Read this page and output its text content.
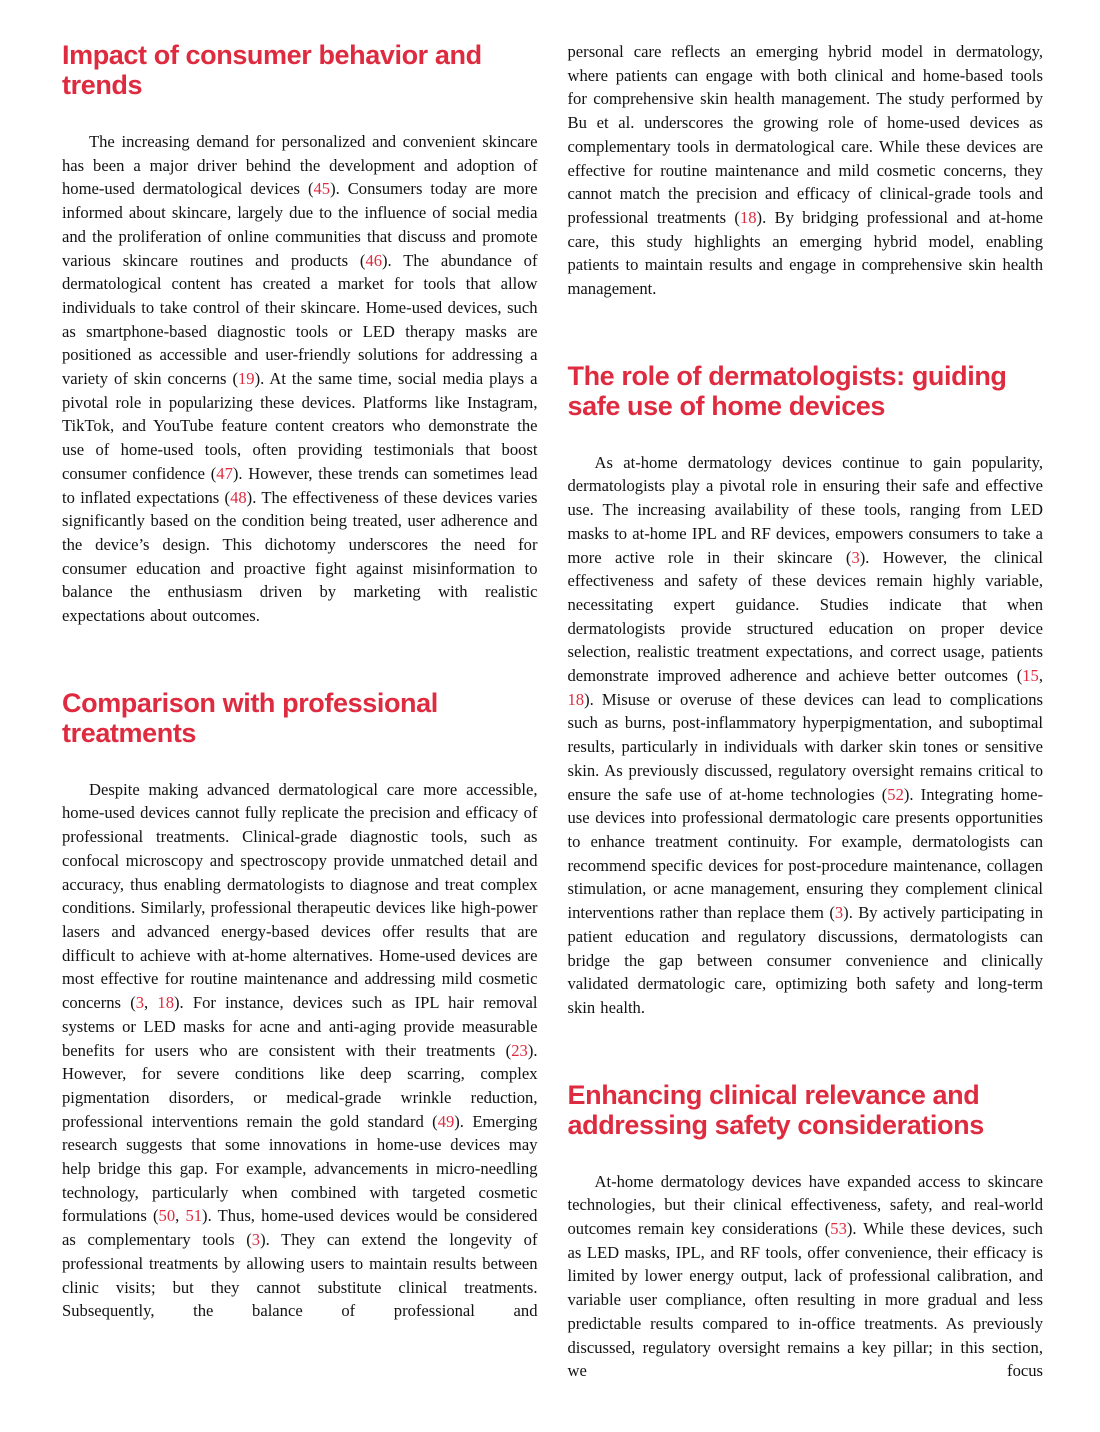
Impact of consumer behavior and trends

The increasing demand for personalized and convenient skincare has been a major driver behind the development and adoption of home-used dermatological devices (45). Consumers today are more informed about skincare, largely due to the influence of social media and the proliferation of online communities that discuss and promote various skincare routines and products (46). The abundance of dermatological content has created a market for tools that allow individuals to take control of their skincare. Home-used devices, such as smartphone-based diagnostic tools or LED therapy masks are positioned as accessible and user-friendly solutions for addressing a variety of skin concerns (19). At the same time, social media plays a pivotal role in popularizing these devices. Platforms like Instagram, TikTok, and YouTube feature content creators who demonstrate the use of home-used tools, often providing testimonials that boost consumer confidence (47). However, these trends can sometimes lead to inflated expectations (48). The effectiveness of these devices varies significantly based on the condition being treated, user adherence and the device’s design. This dichotomy underscores the need for consumer education and proactive fight against misinformation to balance the enthusiasm driven by marketing with realistic expectations about outcomes.

Comparison with professional treatments

Despite making advanced dermatological care more accessible, home-used devices cannot fully replicate the precision and efficacy of professional treatments. Clinical-grade diagnostic tools, such as confocal microscopy and spectroscopy provide unmatched detail and accuracy, thus enabling dermatologists to diagnose and treat complex conditions. Similarly, professional therapeutic devices like high-power lasers and advanced energy-based devices offer results that are difficult to achieve with at-home alternatives. Home-used devices are most effective for routine maintenance and addressing mild cosmetic concerns (3, 18). For instance, devices such as IPL hair removal systems or LED masks for acne and anti-aging provide measurable benefits for users who are consistent with their treatments (23). However, for severe conditions like deep scarring, complex pigmentation disorders, or medical-grade wrinkle reduction, professional interventions remain the gold standard (49). Emerging research suggests that some innovations in home-use devices may help bridge this gap. For example, advancements in micro-needling technology, particularly when combined with targeted cosmetic formulations (50, 51). Thus, home-used devices would be considered as complementary tools (3). They can extend the longevity of professional treatments by allowing users to maintain results between clinic visits; but they cannot substitute clinical treatments. Subsequently, the balance of professional and

personal care reflects an emerging hybrid model in dermatology, where patients can engage with both clinical and home-based tools for comprehensive skin health management. The study performed by Bu et al. underscores the growing role of home-used devices as complementary tools in dermatological care. While these devices are effective for routine maintenance and mild cosmetic concerns, they cannot match the precision and efficacy of clinical-grade tools and professional treatments (18). By bridging professional and at-home care, this study highlights an emerging hybrid model, enabling patients to maintain results and engage in comprehensive skin health management.

The role of dermatologists: guiding safe use of home devices

As at-home dermatology devices continue to gain popularity, dermatologists play a pivotal role in ensuring their safe and effective use. The increasing availability of these tools, ranging from LED masks to at-home IPL and RF devices, empowers consumers to take a more active role in their skincare (3). However, the clinical effectiveness and safety of these devices remain highly variable, necessitating expert guidance. Studies indicate that when dermatologists provide structured education on proper device selection, realistic treatment expectations, and correct usage, patients demonstrate improved adherence and achieve better outcomes (15, 18). Misuse or overuse of these devices can lead to complications such as burns, post-inflammatory hyperpigmentation, and suboptimal results, particularly in individuals with darker skin tones or sensitive skin. As previously discussed, regulatory oversight remains critical to ensure the safe use of at-home technologies (52). Integrating home-use devices into professional dermatologic care presents opportunities to enhance treatment continuity. For example, dermatologists can recommend specific devices for post-procedure maintenance, collagen stimulation, or acne management, ensuring they complement clinical interventions rather than replace them (3). By actively participating in patient education and regulatory discussions, dermatologists can bridge the gap between consumer convenience and clinically validated dermatologic care, optimizing both safety and long-term skin health.

Enhancing clinical relevance and addressing safety considerations

At-home dermatology devices have expanded access to skincare technologies, but their clinical effectiveness, safety, and real-world outcomes remain key considerations (53). While these devices, such as LED masks, IPL, and RF tools, offer convenience, their efficacy is limited by lower energy output, lack of professional calibration, and variable user compliance, often resulting in more gradual and less predictable results compared to in-office treatments. As previously discussed, regulatory oversight remains a key pillar; in this section, we focus
